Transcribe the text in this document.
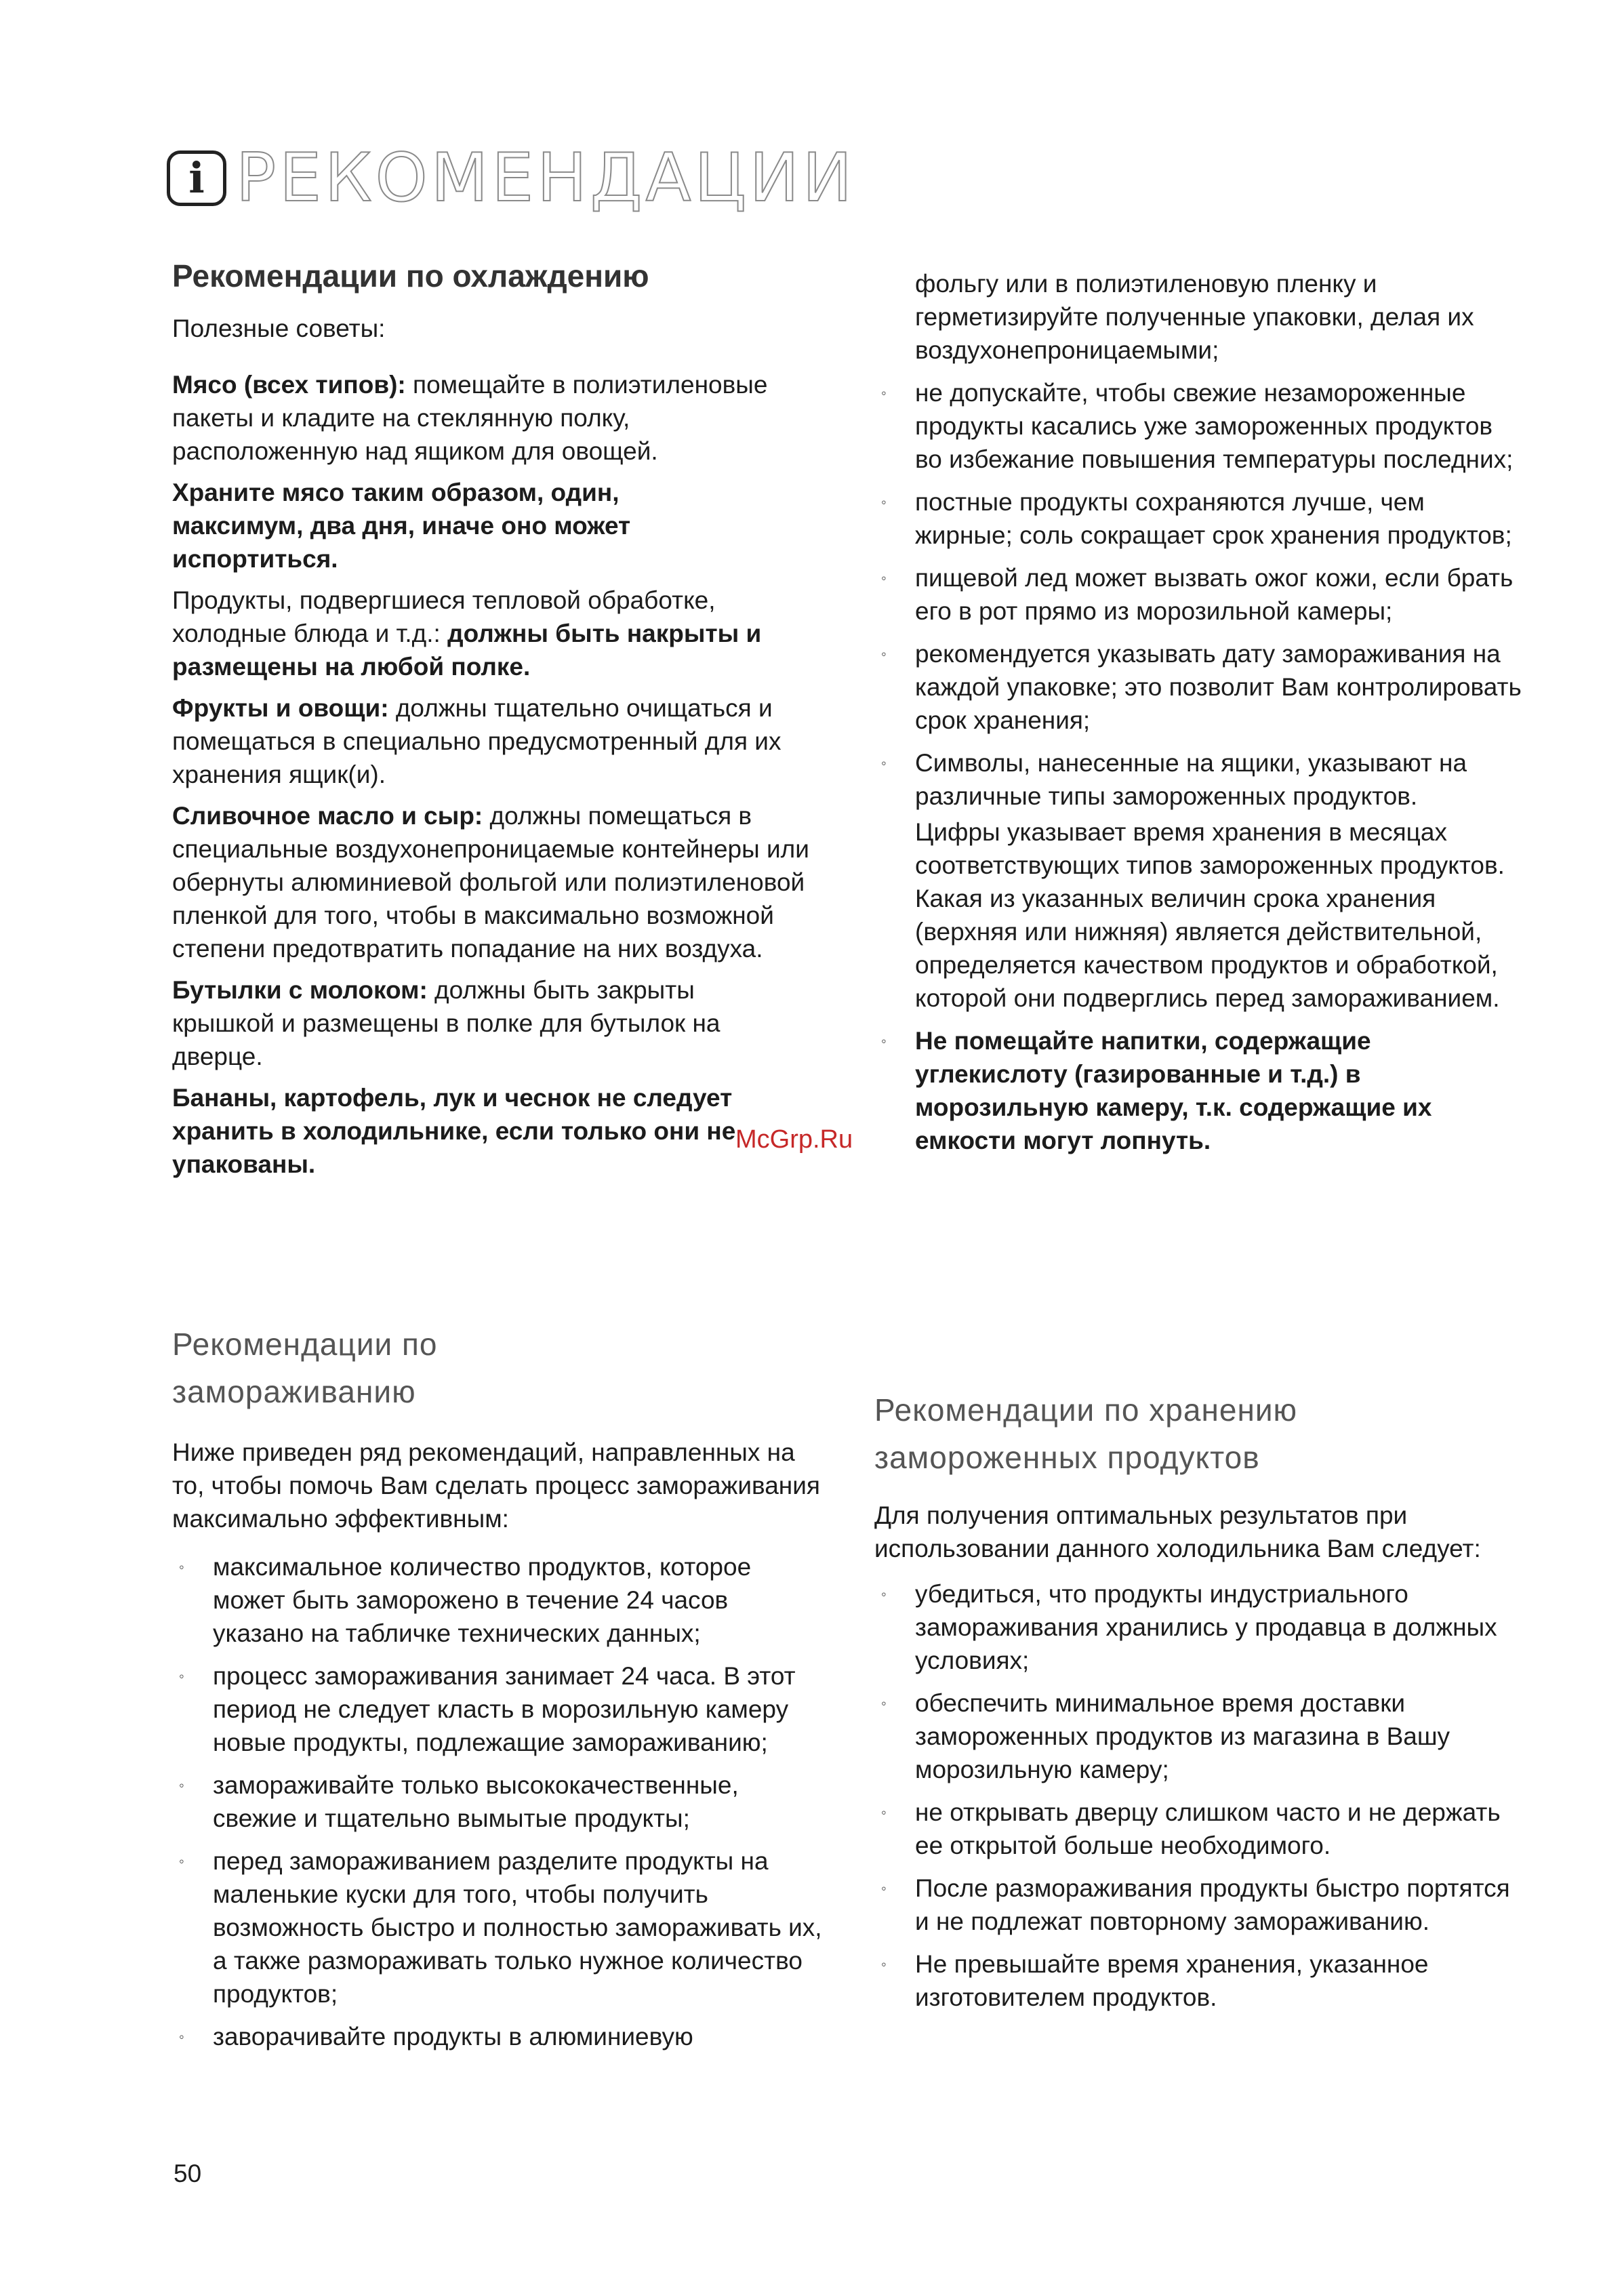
i РЕКОМЕНДАЦИИ
Рекомендации по охлаждению

Полезные советы:

Мясо (всех типов): помещайте в полиэтиленовые пакеты и кладите на стеклянную полку, расположенную над ящиком для овощей.

Храните мясо таким образом, один, максимум, два дня, иначе оно может испортиться.

Продукты, подвергшиеся тепловой обработке, холодные блюда и т.д.: должны быть накрыты и размещены на любой полке.

Фрукты и овощи: должны тщательно очищаться и помещаться в специально предусмотренный для их хранения ящик(и).

Сливочное масло и сыр: должны помещаться в специальные воздухонепроницаемые контейнеры или обернуты алюминиевой фольгой или полиэтиленовой пленкой для того, чтобы в максимально возможной степени предотвратить попадание на них воздуха.

Бутылки с молоком: должны быть закрыты крышкой и размещены в полке для бутылок на дверце.

Бананы, картофель, лук и чеснок не следует хранить в холодильнике, если только они не упакованы.

Рекомендации по замораживанию

Ниже приведен ряд рекомендаций, направленных на то, чтобы помочь Вам сделать процесс замораживания максимально эффективным:

◦ максимальное количество продуктов, которое может быть заморожено в течение 24 часов указано на табличке технических данных;
◦ процесс замораживания занимает 24 часа. В этот период не следует класть в морозильную камеру новые продукты, подлежащие замораживанию;
◦ замораживайте только высококачественные, свежие и тщательно вымытые продукты;
◦ перед замораживанием разделите продукты на маленькие куски для того, чтобы получить возможность быстро и полностью замораживать их, а также размораживать только нужное количество продуктов;
◦ заворачивайте продукты в алюминиевую

фольгу или в полиэтиленовую пленку и герметизируйте полученные упаковки, делая их воздухонепроницаемыми;

◦ не допускайте, чтобы свежие незамороженные продукты касались уже замороженных продуктов во избежание повышения температуры последних;
◦ постные продукты сохраняются лучше, чем жирные; соль сокращает срок хранения продуктов;
◦ пищевой лед может вызвать ожог кожи, если брать его в рот прямо из морозильной камеры;
◦ рекомендуется указывать дату замораживания на каждой упаковке; это позволит Вам контролировать срок хранения;
◦ Символы, нанесенные на ящики, указывают на различные типы замороженных продуктов.

Цифры указывает время хранения в месяцах соответствующих типов замороженных продуктов. Какая из указанных величин срока хранения (верхняя или нижняя) является действительной, определяется качеством продуктов и обработкой, которой они подверглись перед замораживанием.

◦ Не помещайте напитки, содержащие углекислоту (газированные и т.д.) в морозильную камеру, т.к. содержащие их емкости могут лопнуть.
Рекомендации по хранению замороженных продуктов

Для получения оптимальных результатов при использовании данного холодильника Вам следует:

◦ убедиться, что продукты индустриального замораживания хранились у продавца в должных условиях;
◦ обеспечить минимальное время доставки замороженных продуктов из магазина в Вашу морозильную камеру;
◦ не открывать дверцу слишком часто и не держать ее открытой больше необходимого.
◦ После размораживания продукты быстро портятся и не подлежат повторному замораживанию.
◦ Не превышайте время хранения, указанное изготовителем продуктов.
McGrp.Ru
50
